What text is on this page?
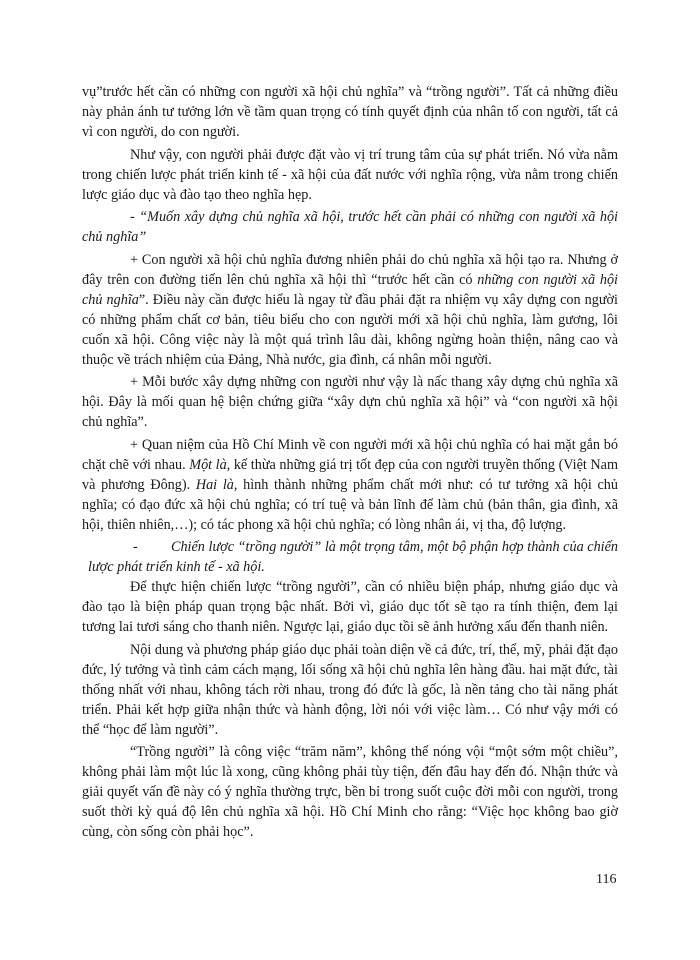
vụ”trước hết cần có những con người xã hội chủ nghĩa” và “trồng người”. Tất cả những điều này phản ánh tư tưởng lớn về tầm quan trọng có tính quyết định của nhân tố con người, tất cả vì con người, do con người.

Như vậy, con người phải được đặt vào vị trí trung tâm của sự phát triển. Nó vừa nằm trong chiến lược phát triển kinh tế - xã hội của đất nước với nghĩa rộng, vừa nằm trong chiến lược giáo dục và đào tạo theo nghĩa hẹp.

- “Muốn xây dựng chủ nghĩa xã hội, trước hết cần phải có những con người xã hội chủ nghĩa”

+ Con người xã hội chủ nghĩa đương nhiên phải do chủ nghĩa xã hội tạo ra. Nhưng ở đây trên con đường tiến lên chủ nghĩa xã hội thì “trước hết cần có những con người xã hội chủ nghĩa”. Điều này cần được hiểu là ngay từ đầu phải đặt ra nhiệm vụ xây dựng con người có những phẩm chất cơ bản, tiêu biểu cho con người mới xã hội chủ nghĩa, làm gương, lôi cuốn xã hội. Công việc này là một quá trình lâu dài, không ngừng hoàn thiện, nâng cao và thuộc về trách nhiệm của Đảng, Nhà nước, gia đình, cá nhân mỗi người.

+ Mỗi bước xây dựng những con người như vậy là nấc thang xây dựng chủ nghĩa xã hội. Đây là mối quan hệ biện chứng giữa “xây dựn chủ nghĩa xã hội” và “con người xã hội chủ nghĩa”.

+ Quan niệm của Hồ Chí Minh về con người mới xã hội chủ nghĩa có hai mặt gắn bó chặt chẽ với nhau. Một là, kế thừa những giá trị tốt đẹp của con người truyền thống (Việt Nam và phương Đông). Hai là, hình thành những phẩm chất mới như: có tư tưởng xã hội chủ nghĩa; có đạo đức xã hội chủ nghĩa; có trí tuệ và bản lĩnh để làm chủ (bản thân, gia đình, xã hội, thiên nhiên,…); có tác phong xã hội chủ nghĩa; có lòng nhân ái, vị tha, độ lượng.

- Chiến lược “trồng người” là một trọng tâm, một bộ phận hợp thành của chiến lược phát triển kinh tế - xã hội.

Để thực hiện chiến lược “trồng người”, cần có nhiều biện pháp, nhưng giáo dục và đào tạo là biện pháp quan trọng bậc nhất. Bởi vì, giáo dục tốt sẽ tạo ra tính thiện, đem lại tương lai tươi sáng cho thanh niên. Ngược lại, giáo dục tồi sẽ ảnh hưởng xấu đến thanh niên.

Nội dung và phương pháp giáo dục phải toàn diện về cả đức, trí, thể, mỹ, phải đặt đạo đức, lý tưởng và tình cảm cách mạng, lối sống xã hội chủ nghĩa lên hàng đầu. hai mặt đức, tài thống nhất với nhau, không tách rời nhau, trong đó đức là gốc, là nền tảng cho tài năng phát triển. Phải kết hợp giữa nhận thức và hành động, lời nói với việc làm… Có như vậy mới có thể “học để làm người”.

“Trồng người” là công việc “trăm năm”, không thể nóng vội “một sớm một chiều”, không phải làm một lúc là xong, cũng không phải tùy tiện, đến đâu hay đến đó. Nhận thức và giải quyết vấn đề này có ý nghĩa thường trực, bền bỉ trong suốt cuộc đời mỗi con người, trong suốt thời kỳ quá độ lên chủ nghĩa xã hội. Hồ Chí Minh cho rằng: “Việc học không bao giờ cùng, còn sống còn phải học”.

116
